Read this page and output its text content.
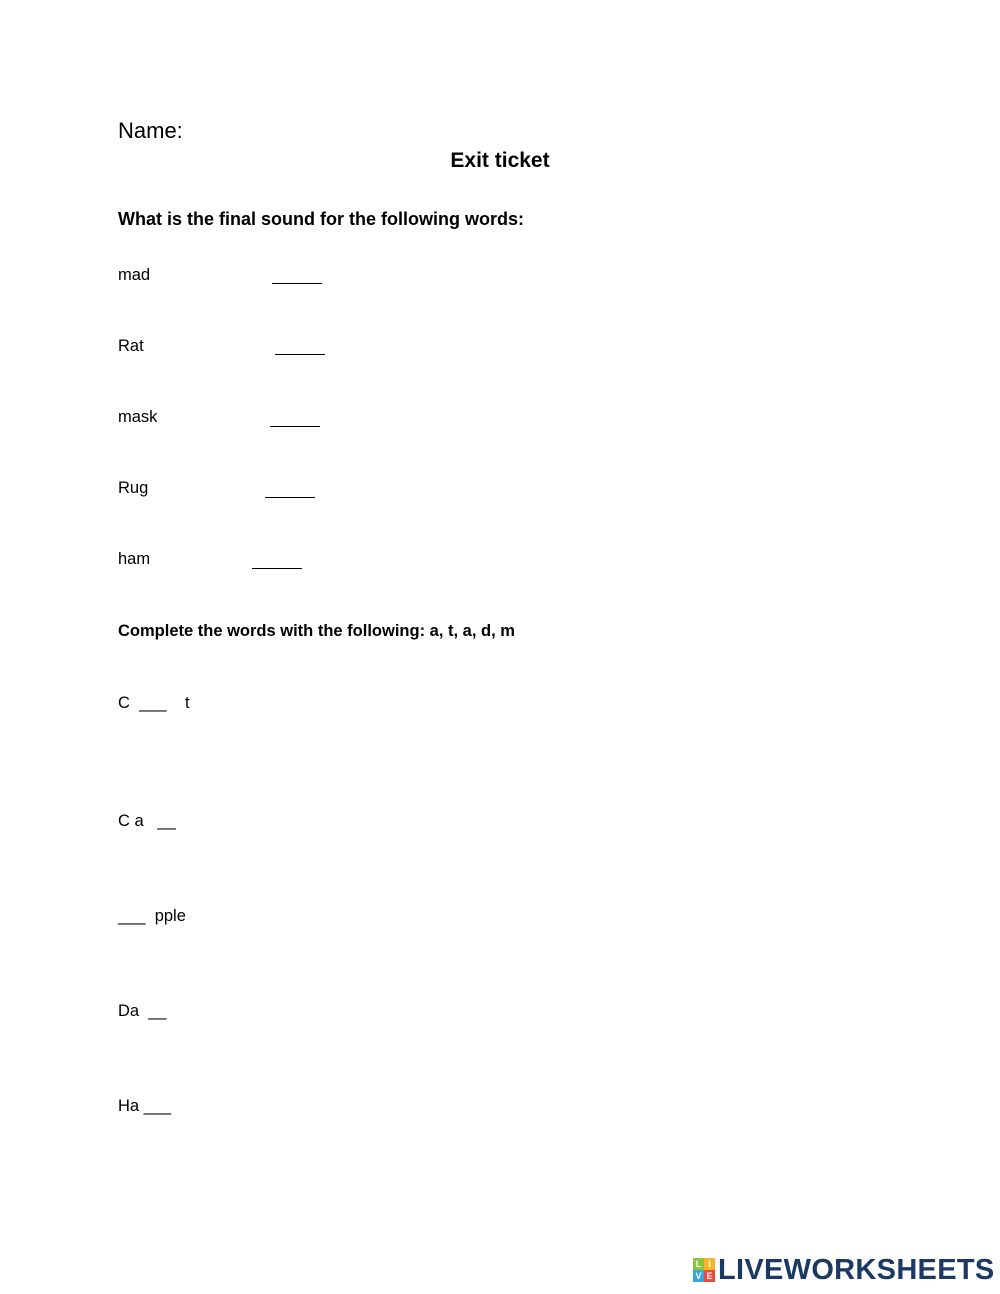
Name:
Exit ticket
What is the final sound for the following words:
mad
Rat
mask
Rug
ham
Complete the words with the following: a, t, a, d, m
C  ___    t
C a   __
___  pple
Da  __
Ha ___
L I
V E LIVEWORKSHEETS
